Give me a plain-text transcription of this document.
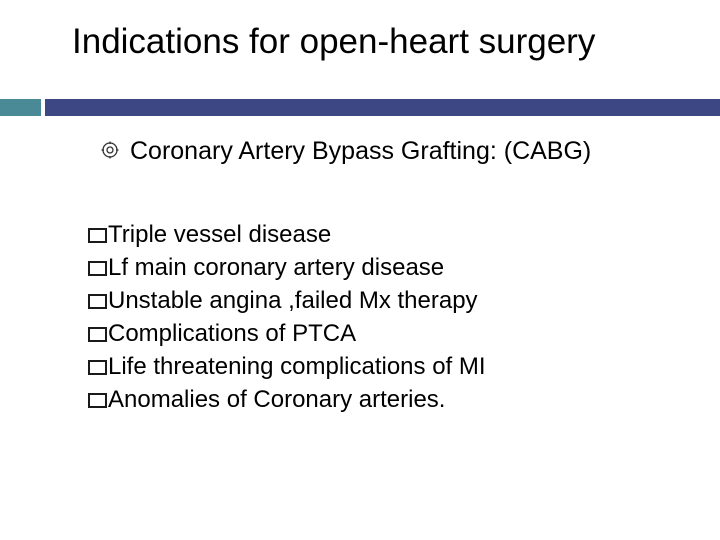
Indications for open-heart surgery
Coronary Artery Bypass Grafting: (CABG)
Triple vessel disease
Lf main coronary artery disease
Unstable angina ,failed Mx therapy
Complications of PTCA
Life threatening complications of MI
Anomalies of Coronary arteries.
